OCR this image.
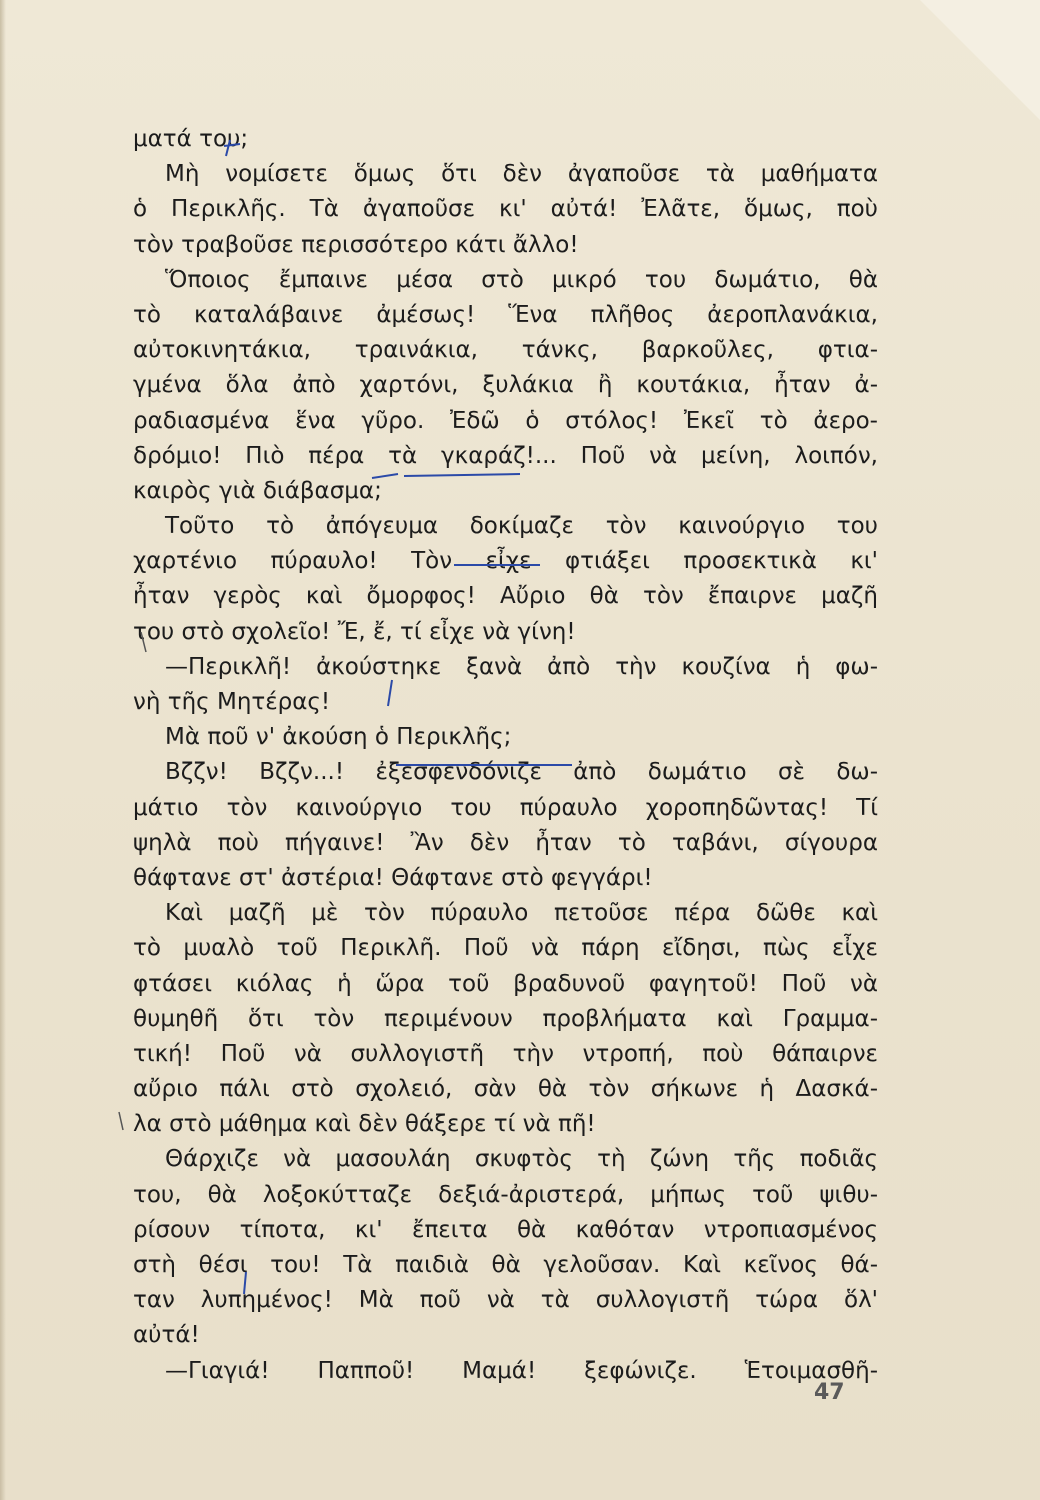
ματά του;
Μὴ νομίσετε ὅμως ὅτι δὲν ἀγαποῦσε τὰ μαθήματα
ὁ Περικλῆς. Τὰ ἀγαποῦσε κι' αὐτά! Ἐλᾶτε, ὅμως, ποὺ
τὸν τραβοῦσε περισσότερο κάτι ἄλλο!
Ὅποιος ἔμπαινε μέσα στὸ μικρό του δωμάτιο, θὰ
τὸ καταλάβαινε ἀμέσως! Ἕνα πλῆθος ἀεροπλανάκια,
αὐτοκινητάκια, τραινάκια, τάνκς, βαρκοῦλες, φτια-
γμένα ὅλα ἀπὸ χαρτόνι, ξυλάκια ἢ κουτάκια, ἦταν ἀ-
ραδιασμένα ἕνα γῦρο. Ἐδῶ ὁ στόλος! Ἐκεῖ τὸ ἀερο-
δρόμιο! Πιὸ πέρα τὰ γκαράζ!... Ποῦ νὰ μείνη, λοιπόν,
καιρὸς γιὰ διάβασμα;
Τοῦτο τὸ ἀπόγευμα δοκίμαζε τὸν καινούργιο του
χαρτένιο πύραυλο! Τὸν εἶχε φτιάξει προσεκτικὰ κι'
ἦταν γερὸς καὶ ὄμορφος! Αὔριο θὰ τὸν ἔπαιρνε μαζῆ
του στὸ σχολεῖο! Ἔ, ἔ, τί εἶχε νὰ γίνη!
—Περικλῆ! ἀκούστηκε ξανὰ ἀπὸ τὴν κουζίνα ἡ φω-
νὴ τῆς Μητέρας!
Μὰ ποῦ ν' ἀκούση ὁ Περικλῆς;
Βζζν! Βζζν...! ἐξεσφενδόνιζε ἀπὸ δωμάτιο σὲ δω-
μάτιο τὸν καινούργιο του πύραυλο χοροπηδῶντας! Τί
ψηλὰ ποὺ πήγαινε! Ἂν δὲν ἦταν τὸ ταβάνι, σίγουρα
θάφτανε στ' ἀστέρια! Θάφτανε στὸ φεγγάρι!
Καὶ μαζῆ μὲ τὸν πύραυλο πετοῦσε πέρα δῶθε καὶ
τὸ μυαλὸ τοῦ Περικλῆ. Ποῦ νὰ πάρη εἴδησι, πὼς εἶχε
φτάσει κιόλας ἡ ὥρα τοῦ βραδυνοῦ φαγητοῦ! Ποῦ νὰ
θυμηθῆ ὅτι τὸν περιμένουν προβλήματα καὶ Γραμμα-
τική! Ποῦ νὰ συλλογιστῆ τὴν ντροπή, ποὺ θάπαιρνε
αὔριο πάλι στὸ σχολειό, σὰν θὰ τὸν σήκωνε ἡ Δασκά-
λα στὸ μάθημα καὶ δὲν θάξερε τί νὰ πῆ!
Θάρχιζε νὰ μασουλάη σκυφτὸς τὴ ζώνη τῆς ποδιᾶς
του, θὰ λοξοκύτταζε δεξιά-ἀριστερά, μήπως τοῦ ψιθυ-
ρίσουν τίποτα, κι' ἔπειτα θὰ καθόταν ντροπιασμένος
στὴ θέσι του! Τὰ παιδιὰ θὰ γελοῦσαν. Καὶ κεῖνος θά-
ταν λυπημένος! Μὰ ποῦ νὰ τὰ συλλογιστῆ τώρα ὅλ'
αὐτά!
—Γιαγιά! Παπποῦ! Μαμά! ξεφώνιζε. Ἑτοιμασθῆ-
47
